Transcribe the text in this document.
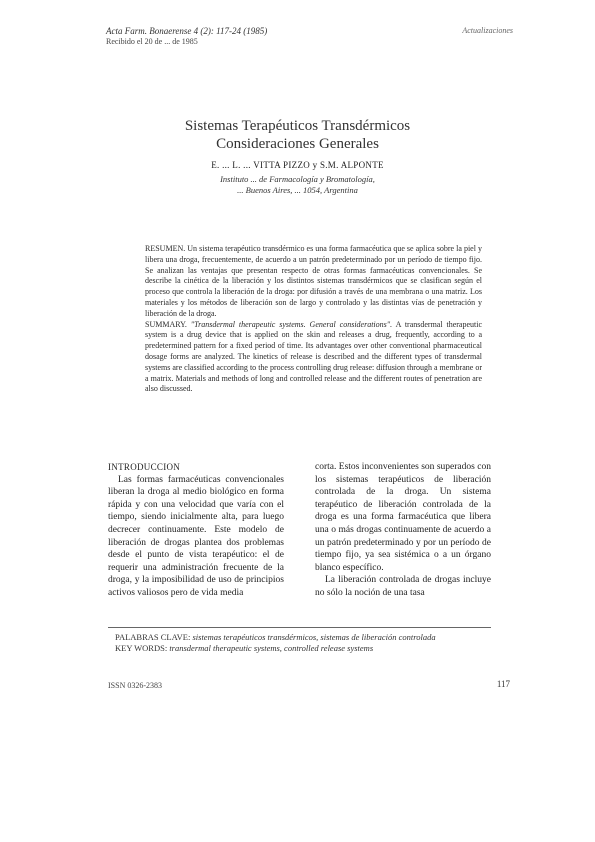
Acta Farm. Bonaerense 4 (2): 117-24 (1985)
Recibido el 20 de ... de 1985
Actualizaciones
Sistemas Terapéuticos Transdérmicos
Consideraciones Generales
E. ... L. ... VITTA PIZZO y S.M. ALPONTE
Instituto ... de Farmacología y Bromatología,
... Buenos Aires, ... 1054, Argentina

RESUMEN. Un sistema terapéutico transdérmico es una forma farmacéutica que se aplica sobre la piel y libera una droga, frecuentemente, de acuerdo a un patrón predeterminado por un período de tiempo fijo. Se analizan las ventajas que presentan respecto de otras formas farmacéuticas convencionales. Se describe la cinética de la liberación y los distintos sistemas transdérmicos que se clasifican según el proceso que controla la liberación de la droga: por difusión a través de una membrana o una matriz. Los materiales y los métodos de liberación son de largo y controlado y las distintas vías de penetración y liberación de la droga.

SUMMARY. "Transdermal therapeutic systems. General considerations". A transdermal therapeutic system is a drug device that is applied on the skin and releases a drug, frequently, according to a predetermined pattern for a fixed period of time. Its advantages over other conventional pharmaceutical dosage forms are analyzed. The kinetics of release is described and the different types of transdermal systems are classified according to the process controlling drug release: diffusion through a membrane or a matrix. Materials and methods of long and controlled release and the different routes of penetration are also discussed.

INTRODUCCION

Las formas farmacéuticas convencionales liberan la droga al medio biológico en forma rápida y con una velocidad que varía con el tiempo, siendo inicialmente alta, para luego decrecer continuamente. Este modelo de liberación de drogas plantea dos problemas desde el punto de vista terapéutico: el de requerir una administración frecuente de la droga, y la imposibilidad de uso de principios activos valiosos pero de vida media

corta. Estos inconvenientes son superados con los sistemas terapéuticos de liberación controlada de la droga. Un sistema terapéutico de liberación controlada de la droga es una forma farmacéutica que libera una o más drogas continuamente de acuerdo a un patrón predeterminado y por un período de tiempo fijo, ya sea sistémica o a un órgano blanco específico.

La liberación controlada de drogas incluye no sólo la noción de una tasa

PALABRAS CLAVE: sistemas terapéuticos transdérmicos, sistemas de liberación controlada

KEY WORDS: transdermal therapeutic systems, controlled release systems

ISSN 0326-2383	117
